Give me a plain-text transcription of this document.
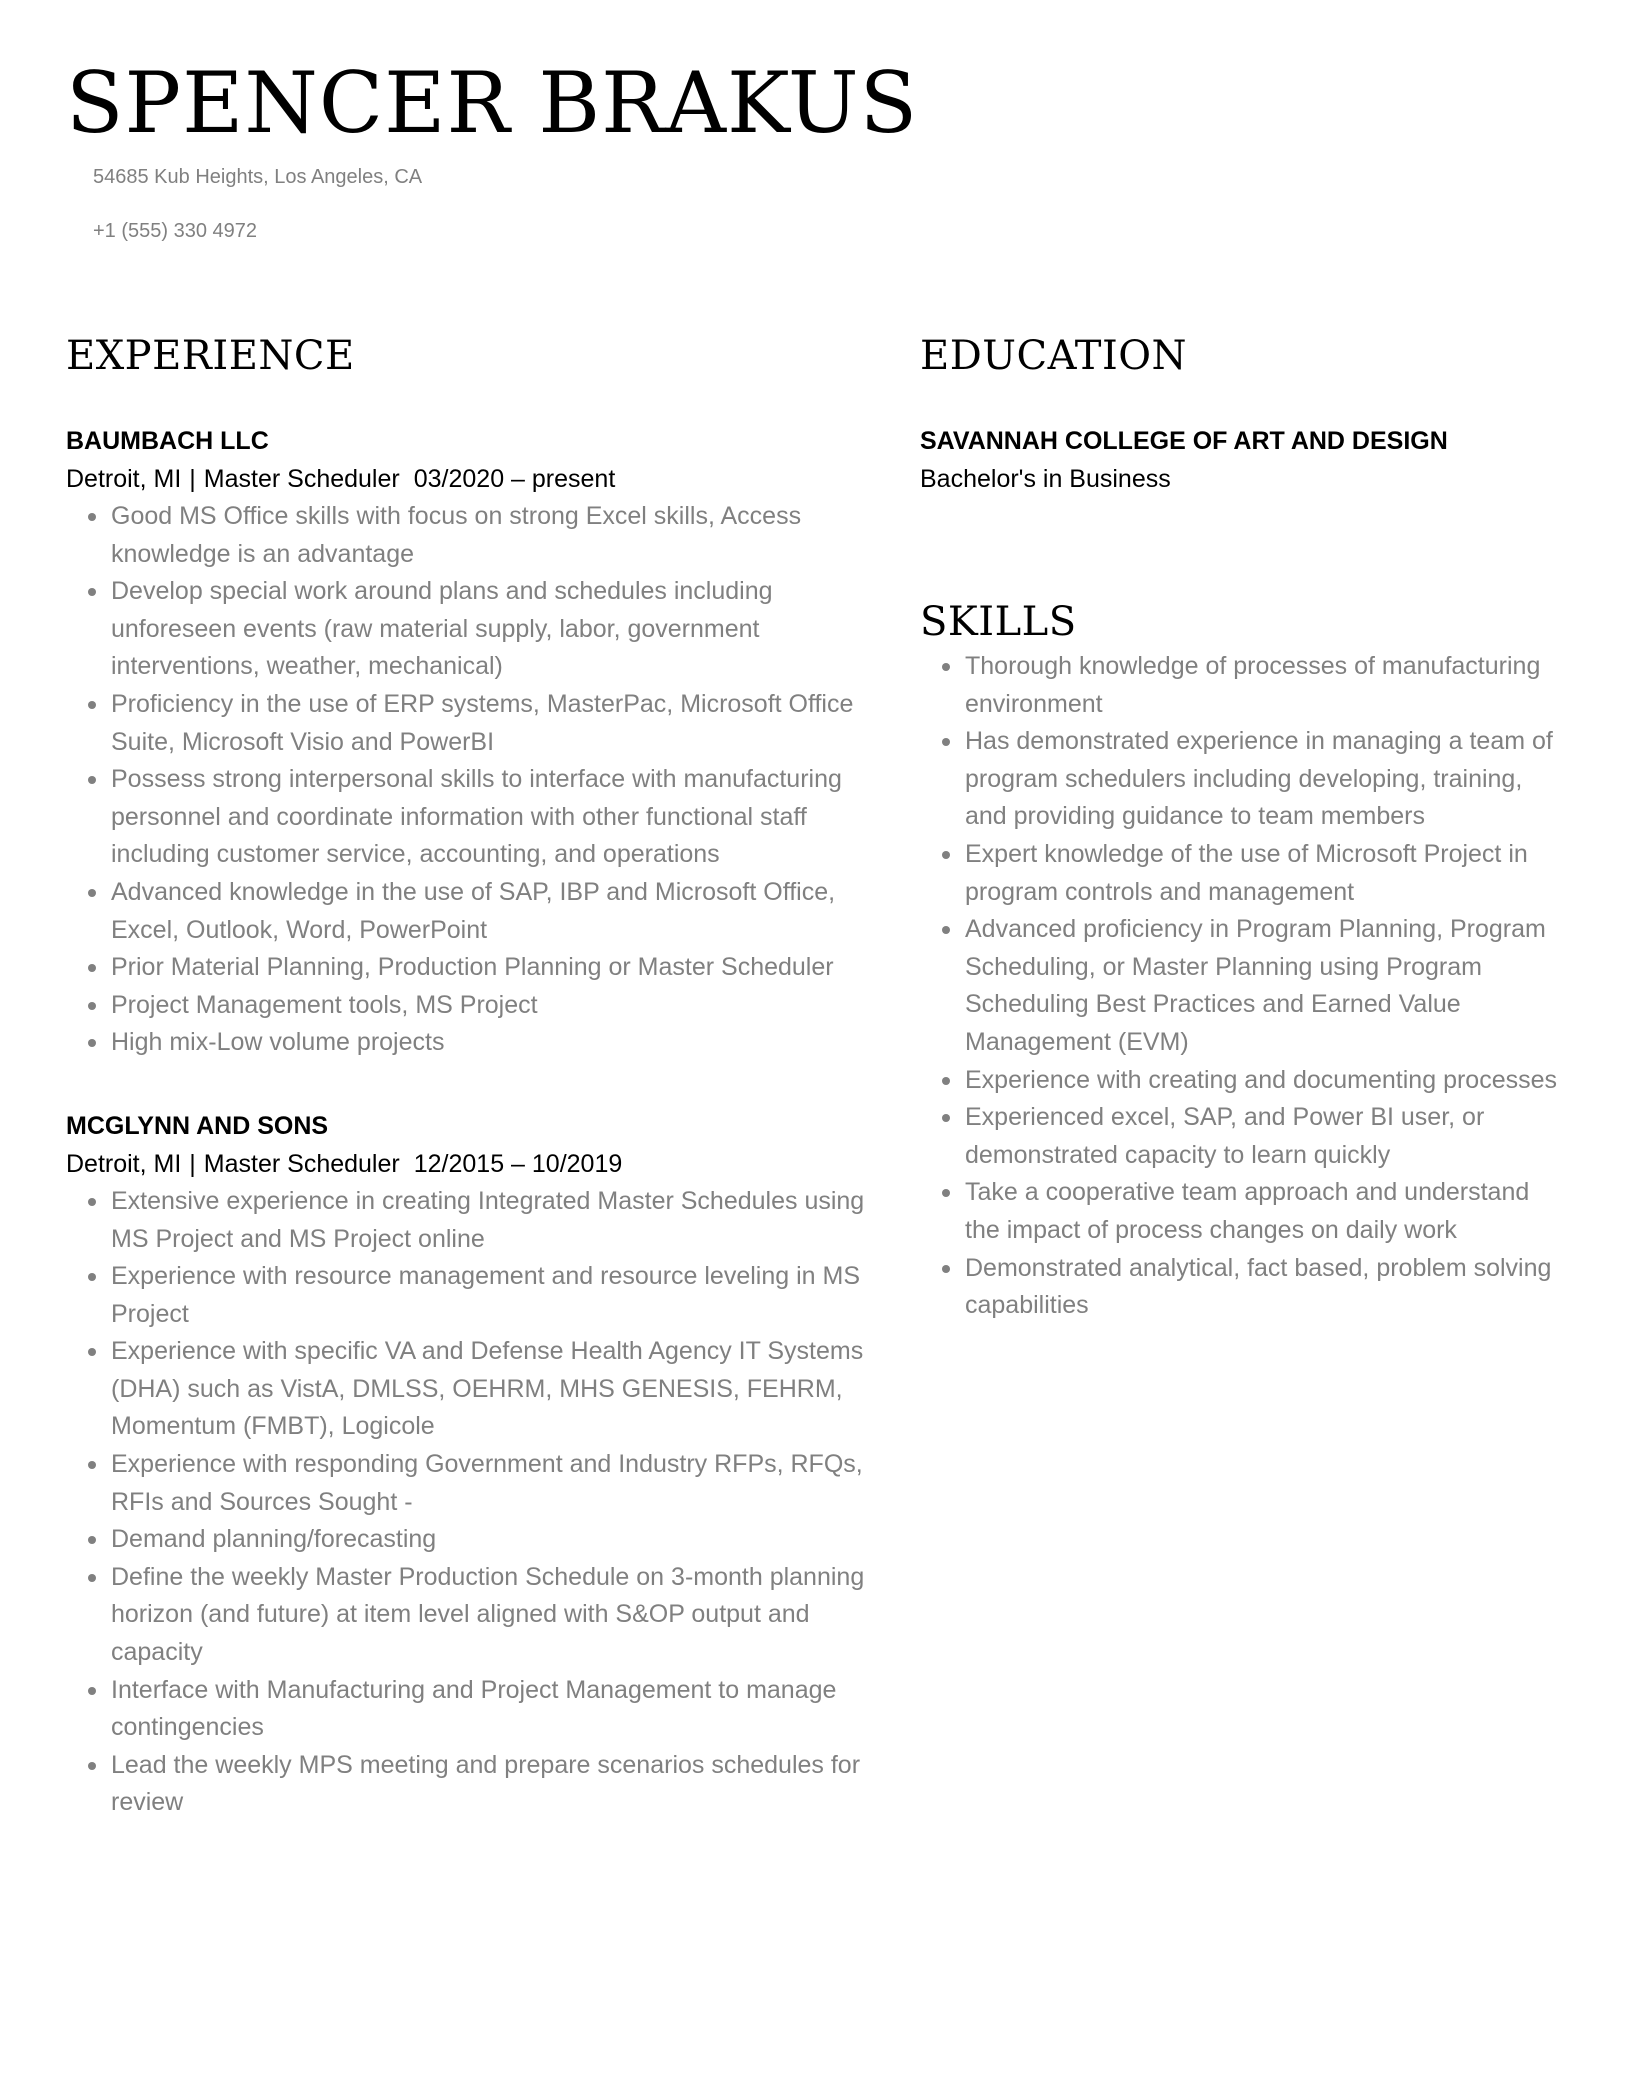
SPENCER BRAKUS
54685 Kub Heights, Los Angeles, CA
+1 (555) 330 4972
EXPERIENCE
BAUMBACH LLC
Detroit, MI | Master Scheduler 03/2020 – present
Good MS Office skills with focus on strong Excel skills, Access knowledge is an advantage
Develop special work around plans and schedules including unforeseen events (raw material supply, labor, government interventions, weather, mechanical)
Proficiency in the use of ERP systems, MasterPac, Microsoft Office Suite, Microsoft Visio and PowerBI
Possess strong interpersonal skills to interface with manufacturing personnel and coordinate information with other functional staff including customer service, accounting, and operations
Advanced knowledge in the use of SAP, IBP and Microsoft Office, Excel, Outlook, Word, PowerPoint
Prior Material Planning, Production Planning or Master Scheduler
Project Management tools, MS Project
High mix-Low volume projects
MCGLYNN AND SONS
Detroit, MI | Master Scheduler 12/2015 – 10/2019
Extensive experience in creating Integrated Master Schedules using MS Project and MS Project online
Experience with resource management and resource leveling in MS Project
Experience with specific VA and Defense Health Agency IT Systems (DHA) such as VistA, DMLSS, OEHRM, MHS GENESIS, FEHRM, Momentum (FMBT), Logicole
Experience with responding Government and Industry RFPs, RFQs, RFIs and Sources Sought -
Demand planning/forecasting
Define the weekly Master Production Schedule on 3-month planning horizon (and future) at item level aligned with S&OP output and capacity
Interface with Manufacturing and Project Management to manage contingencies
Lead the weekly MPS meeting and prepare scenarios schedules for review
EDUCATION
SAVANNAH COLLEGE OF ART AND DESIGN
Bachelor's in Business
SKILLS
Thorough knowledge of processes of manufacturing environment
Has demonstrated experience in managing a team of program schedulers including developing, training, and providing guidance to team members
Expert knowledge of the use of Microsoft Project in program controls and management
Advanced proficiency in Program Planning, Program Scheduling, or Master Planning using Program Scheduling Best Practices and Earned Value Management (EVM)
Experience with creating and documenting processes
Experienced excel, SAP, and Power BI user, or demonstrated capacity to learn quickly
Take a cooperative team approach and understand the impact of process changes on daily work
Demonstrated analytical, fact based, problem solving capabilities
